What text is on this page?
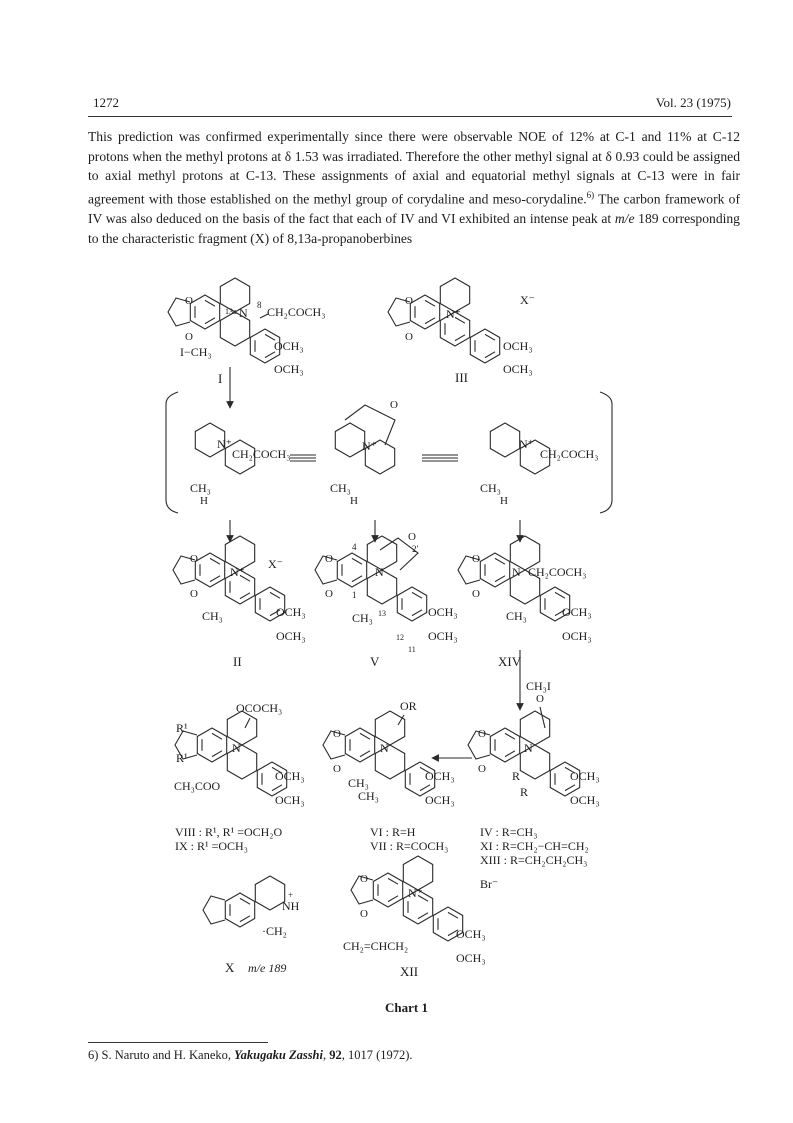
1272	Vol. 23 (1975)

This prediction was confirmed experimentally since there were observable NOE of 12% at C-1 and 11% at C-12 protons when the methyl protons at δ 1.53 was irradiated. Therefore the other methyl signal at δ 0.93 could be assigned to axial methyl protons at C-13. These assignments of axial and equatorial methyl signals at C-13 were in fair agreement with those established on the methyl group of corydaline and meso-corydaline.$^{6)}$ The carbon framework of IV was also deduced on the basis of the fact that each of IV and VI exhibited an intense peak at m/e 189 corresponding to the characteristic fragment (X) of 8,13a-propanoberbines

13a N
8 CH₂COCH₃
OCH₃
OCH₃
I−CH₃
O
O
I
N⁺
X⁻
OCH₃
OCH₃
O
O
III
CH₃
H
N⁺
CH₂COCH₃
O
N⁺
CH₃
H
N⁺
CH₂COCH₃
CH₃
H
N⁺
X⁻
CH₃	OCH₃
OCH₃
O
O
II
2′
O
4
1
N
CH₃ 13
12
11
OCH₃
OCH₃
O
O
V
N CH₂COCH₃
CH₃	OCH₃
OCH₃
O
O
XIV
CH₃I
N
OCOCH₃
R¹
R¹
CH₃COO
OCH₃
OCH₃
N
OR
CH₃
CH₃
OCH₃
OCH₃
O
O
N
O
R
R
OCH₃
OCH₃
O
O
VIII : R¹, R¹ =OCH₂O
IX : R¹ =OCH₃
VI : R=H
VII : R=COCH₃
IV : R=CH₃
XI : R=CH₂−CH=CH₂
XIII : R=CH₂CH₂CH₃
NH
+
·CH₂
X m/e 189
N⁺
Br⁻
CH₂=CHCH₂
OCH₃
OCH₃
O
O
XII
Chart 1
6) S. Naruto and H. Kaneko, Yakugaku Zasshi, 92, 1017 (1972).
